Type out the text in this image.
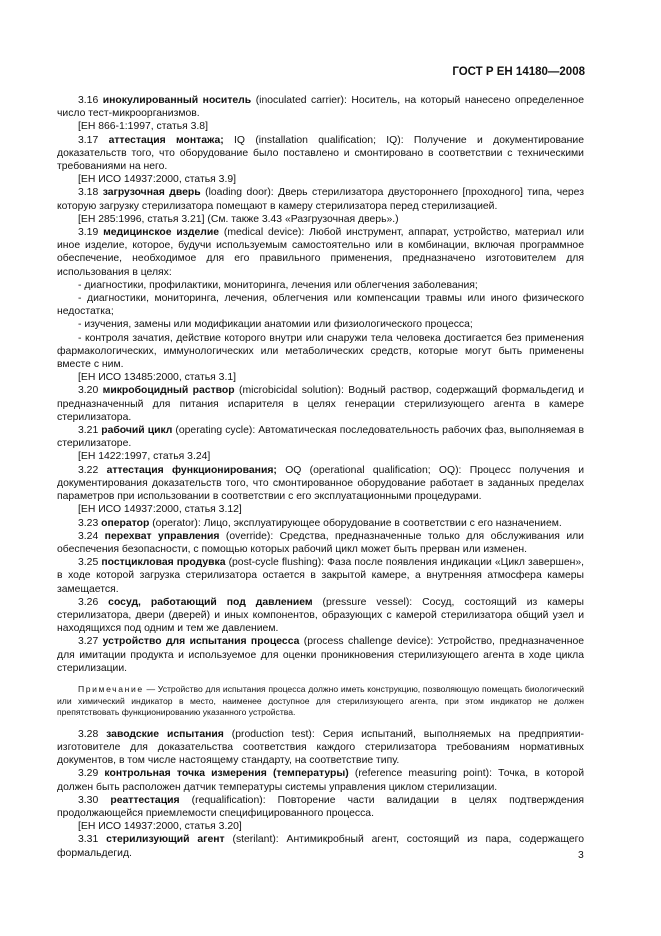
ГОСТ Р ЕН 14180—2008

3.16 инокулированный носитель (inoculated carrier): Носитель, на который нанесено определенное число тест-микроорганизмов.

[ЕН 866-1:1997, статья 3.8]

3.17 аттестация монтажа; IQ (installation qualification; IQ): Получение и документирование доказательств того, что оборудование было поставлено и смонтировано в соответствии с техническими требованиями на него.

[ЕН ИСО 14937:2000, статья 3.9]

3.18 загрузочная дверь (loading door): Дверь стерилизатора двустороннего [проходного] типа, через которую загрузку стерилизатора помещают в камеру стерилизатора перед стерилизацией.

[ЕН 285:1996, статья 3.21] (См. также 3.43 «Разгрузочная дверь».)

3.19 медицинское изделие (medical device): Любой инструмент, аппарат, устройство, материал или иное изделие, которое, будучи используемым самостоятельно или в комбинации, включая программное обеспечение, необходимое для его правильного применения, предназначено изготовителем для использования в целях:

- диагностики, профилактики, мониторинга, лечения или облегчения заболевания;

- диагностики, мониторинга, лечения, облегчения или компенсации травмы или иного физического недостатка;

- изучения, замены или модификации анатомии или физиологического процесса;

- контроля зачатия, действие которого внутри или снаружи тела человека достигается без применения фармакологических, иммунологических или метаболических средств, которые могут быть применены вместе с ним.

[ЕН ИСО 13485:2000, статья 3.1]

3.20 микробоцидный раствор (microbicidal solution): Водный раствор, содержащий формальдегид и предназначенный для питания испарителя в целях генерации стерилизующего агента в камере стерилизатора.

3.21 рабочий цикл (operating cycle): Автоматическая последовательность рабочих фаз, выполняемая в стерилизаторе.

[ЕН 1422:1997, статья 3.24]

3.22 аттестация функционирования; OQ (operational qualification; OQ): Процесс получения и документирования доказательств того, что смонтированное оборудование работает в заданных пределах параметров при использовании в соответствии с его эксплуатационными процедурами.

[ЕН ИСО 14937:2000, статья 3.12]

3.23 оператор (operator): Лицо, эксплуатирующее оборудование в соответствии с его назначением.

3.24 перехват управления (override): Средства, предназначенные только для обслуживания или обеспечения безопасности, с помощью которых рабочий цикл может быть прерван или изменен.

3.25 постцикловая продувка (post-cycle flushing): Фаза после появления индикации «Цикл завершен», в ходе которой загрузка стерилизатора остается в закрытой камере, а внутренняя атмосфера камеры замещается.

3.26 сосуд, работающий под давлением (pressure vessel): Сосуд, состоящий из камеры стерилизатора, двери (дверей) и иных компонентов, образующих с камерой стерилизатора общий узел и находящихся под одним и тем же давлением.

3.27 устройство для испытания процесса (process challenge device): Устройство, предназначенное для имитации продукта и используемое для оценки проникновения стерилизующего агента в ходе цикла стерилизации.

Примечание — Устройство для испытания процесса должно иметь конструкцию, позволяющую помещать биологический или химический индикатор в место, наименее доступное для стерилизующего агента, при этом индикатор не должен препятствовать функционированию указанного устройства.

3.28 заводские испытания (production test): Серия испытаний, выполняемых на предприятии-изготовителе для доказательства соответствия каждого стерилизатора требованиям нормативных документов, в том числе настоящему стандарту, на соответствие типу.

3.29 контрольная точка измерения (температуры) (reference measuring point): Точка, в которой должен быть расположен датчик температуры системы управления циклом стерилизации.

3.30 реаттестация (requalification): Повторение части валидации в целях подтверждения продолжающейся приемлемости специфицированного процесса.

[ЕН ИСО 14937:2000, статья 3.20]

3.31 стерилизующий агент (sterilant): Антимикробный агент, состоящий из пара, содержащего формальдегид.	3
